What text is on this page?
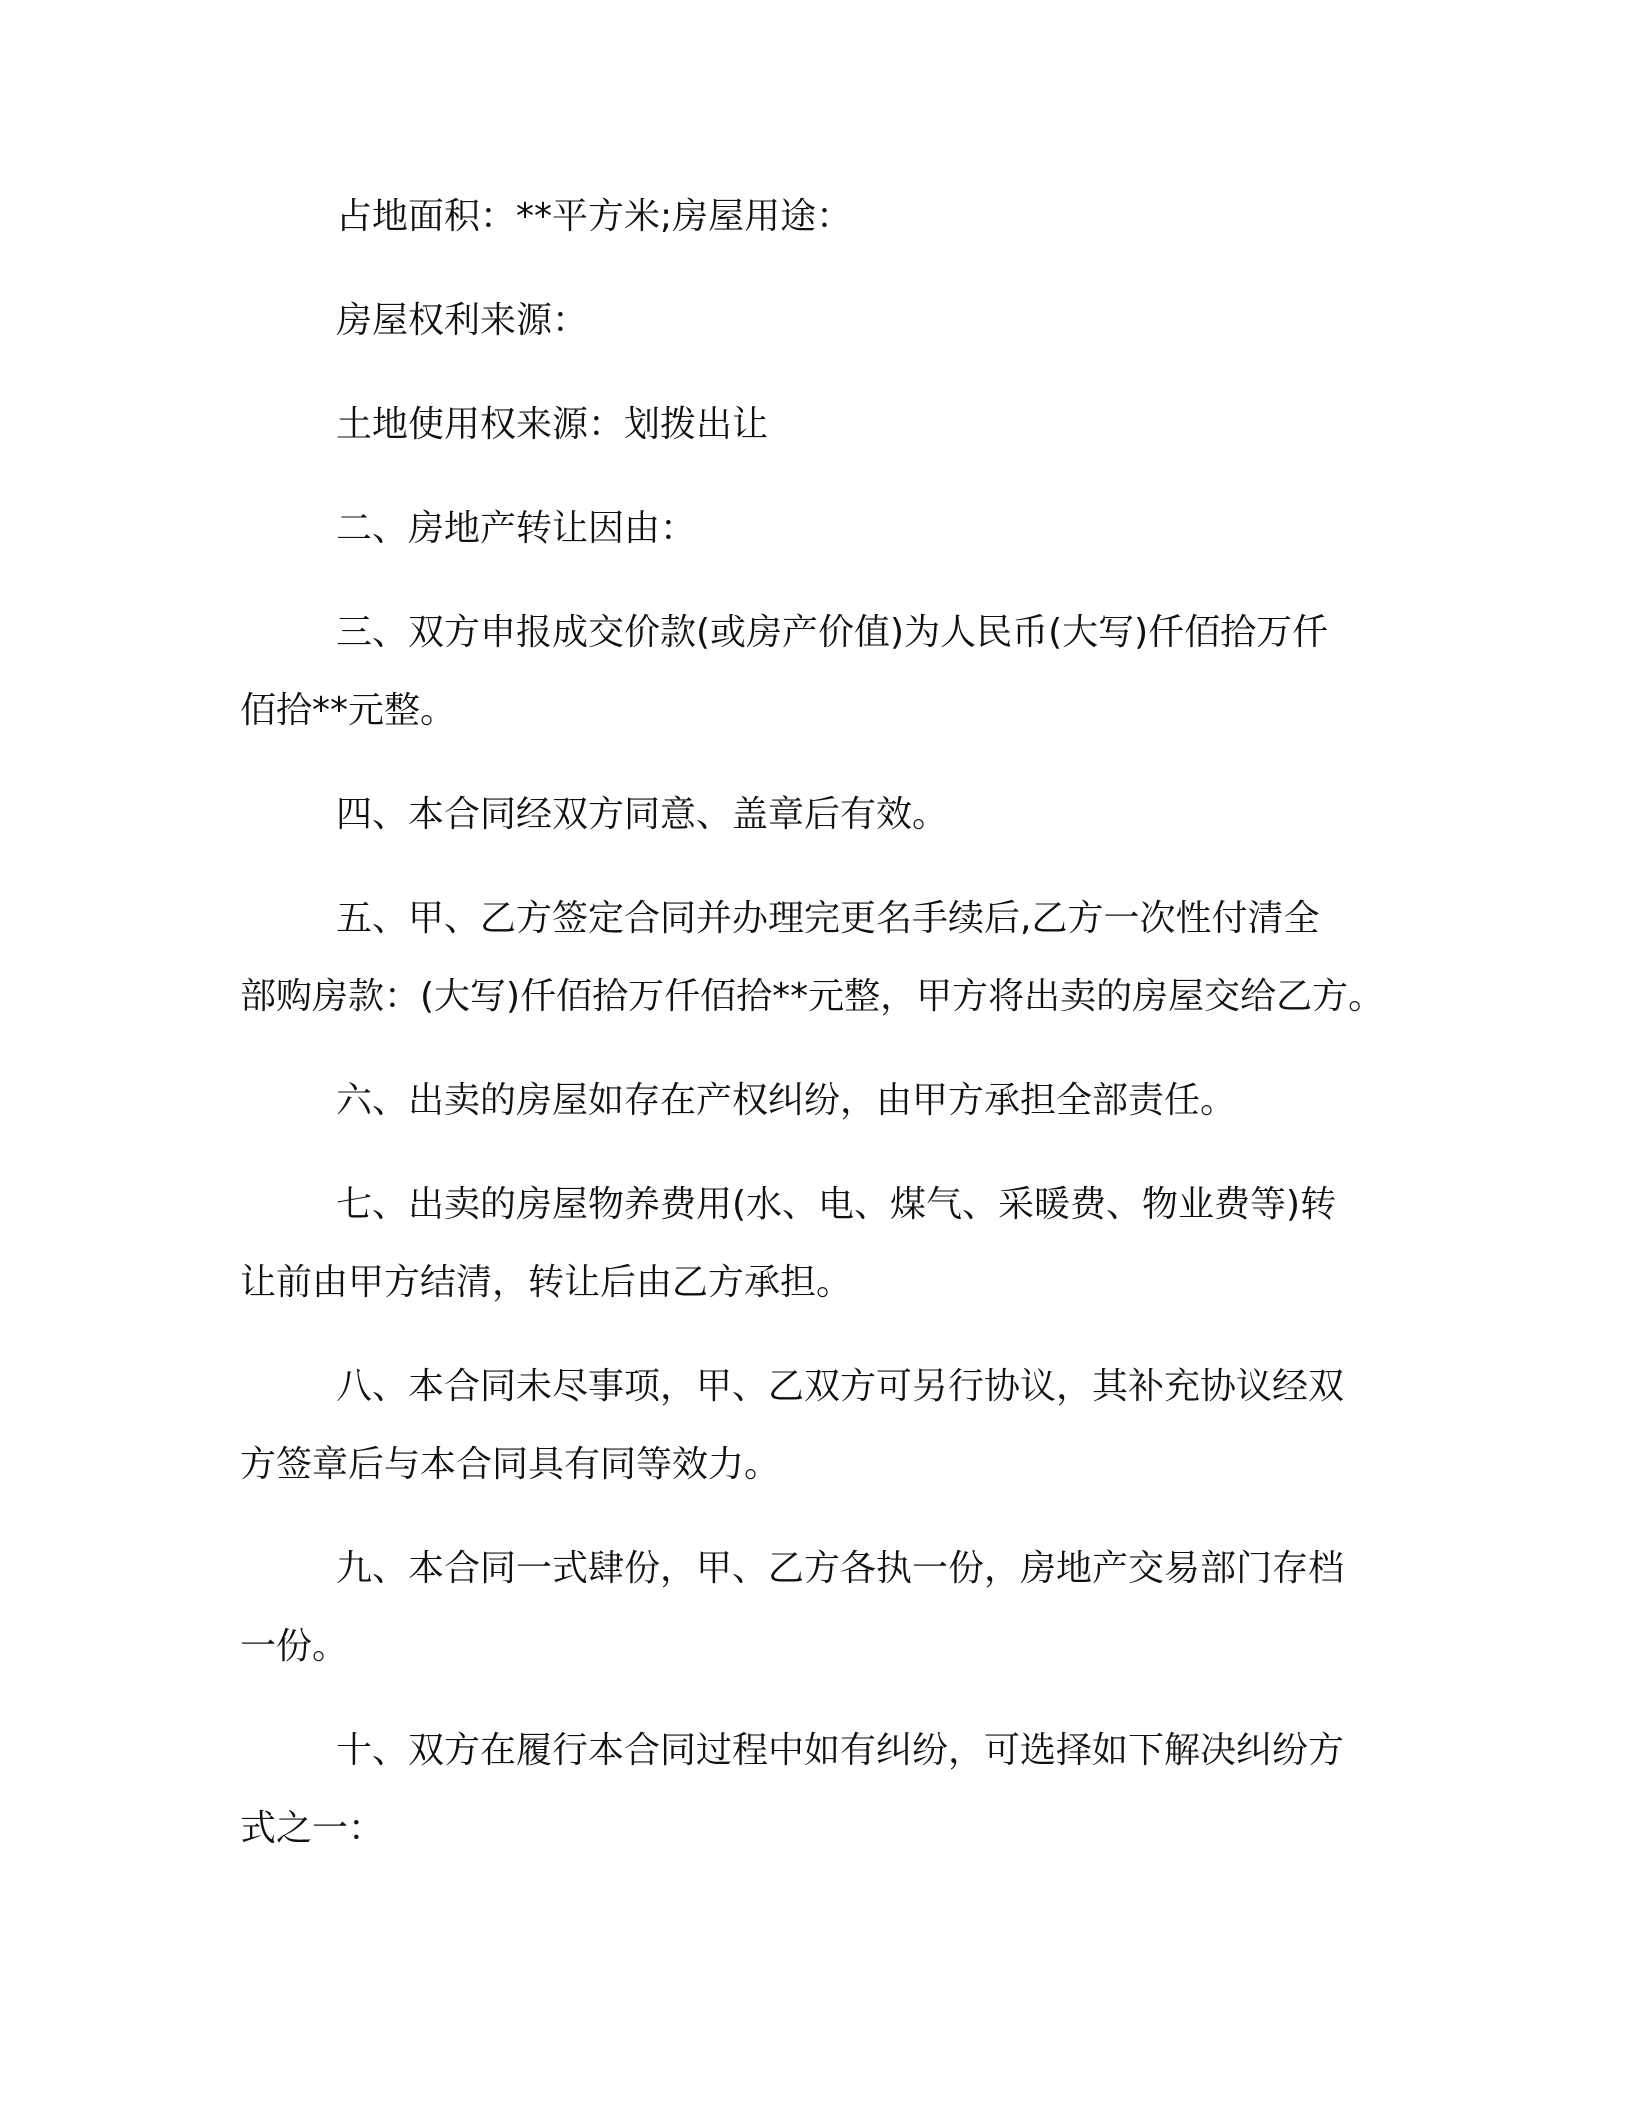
占地面积：**平方米;房屋用途：

房屋权利来源：

土地使用权来源：划拨出让

二、房地产转让因由：

三、双方申报成交价款(或房产价值)为人民币(大写)仟佰拾万仟

佰拾**元整。

四、本合同经双方同意、盖章后有效。

五、甲、乙方签定合同并办理完更名手续后,乙方一次性付清全

部购房款：(大写)仟佰拾万仟佰拾**元整，甲方将出卖的房屋交给乙方。

六、出卖的房屋如存在产权纠纷，由甲方承担全部责任。

七、出卖的房屋物养费用(水、电、煤气、采暖费、物业费等)转

让前由甲方结清，转让后由乙方承担。

八、本合同未尽事项，甲、乙双方可另行协议，其补充协议经双

方签章后与本合同具有同等效力。

九、本合同一式肆份，甲、乙方各执一份，房地产交易部门存档

一份。

十、双方在履行本合同过程中如有纠纷，可选择如下解决纠纷方

式之一：
